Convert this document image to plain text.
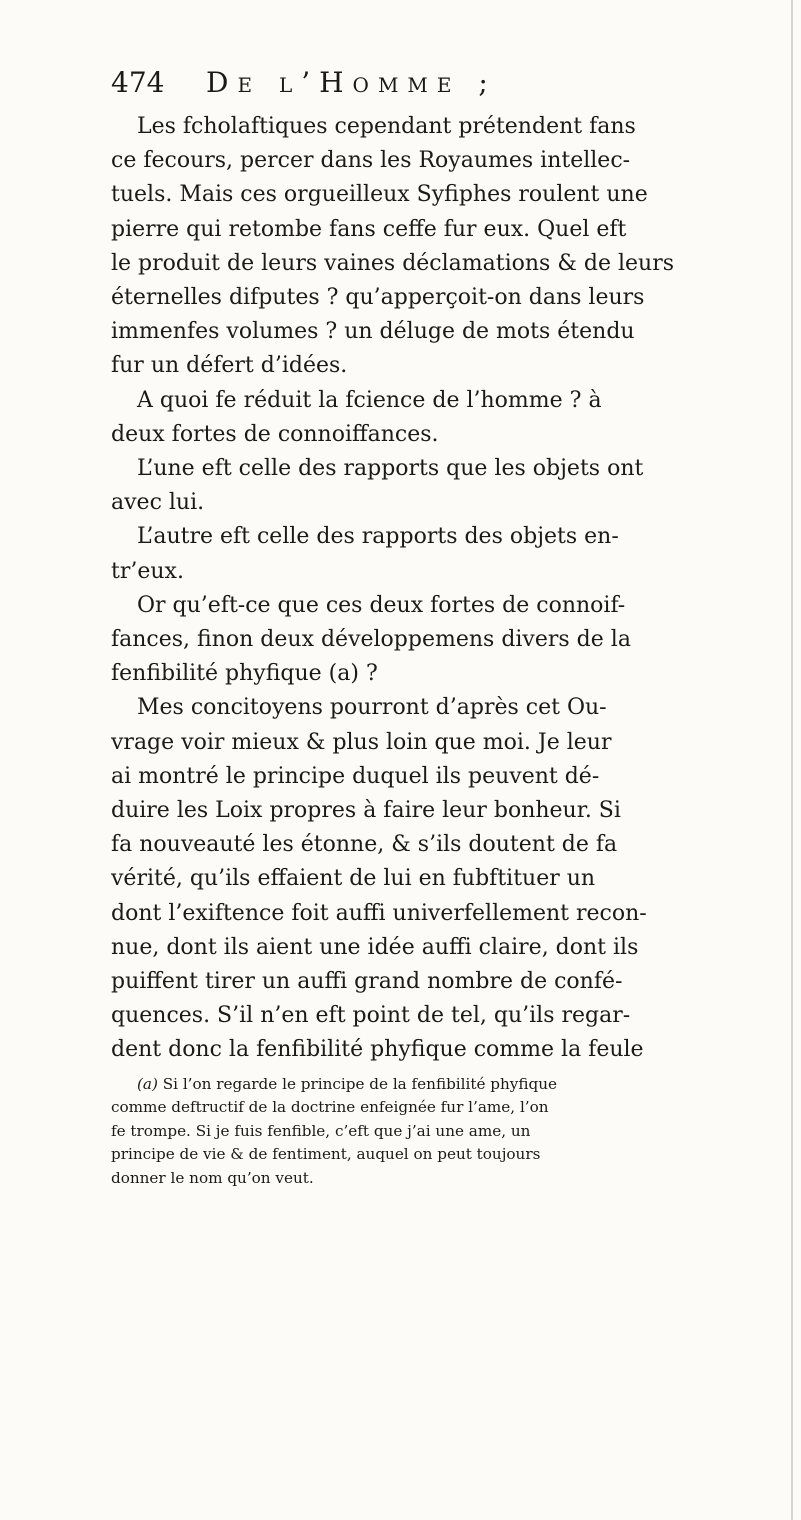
474 De l’Homme ;
Les fcholaftiques cependant prétendent fans
ce fecours, percer dans les Royaumes intellec-
tuels. Mais ces orgueilleux Syfiphes roulent une
pierre qui retombe fans ceffe fur eux. Quel eft
le produit de leurs vaines déclamations & de leurs
éternelles difputes ? qu’apperçoit-on dans leurs
immenfes volumes ? un déluge de mots étendu
fur un défert d’idées.
A quoi fe réduit la fcience de l’homme ? à
deux fortes de connoiffances.
L’une eft celle des rapports que les objets ont
avec lui.
L’autre eft celle des rapports des objets en-
tr’eux.
Or qu’eft-ce que ces deux fortes de connoif-
fances, finon deux développemens divers de la
fenfibilité phyfique (a) ?
Mes concitoyens pourront d’après cet Ou-
vrage voir mieux & plus loin que moi. Je leur
ai montré le principe duquel ils peuvent dé-
duire les Loix propres à faire leur bonheur. Si
fa nouveauté les étonne, & s’ils doutent de fa
vérité, qu’ils effaient de lui en fubftituer un
dont l’exiftence foit auffi univerfellement recon-
nue, dont ils aient une idée auffi claire, dont ils
puiffent tirer un auffi grand nombre de confé-
quences. S’il n’en eft point de tel, qu’ils regar-
dent donc la fenfibilité phyfique comme la feule
(a) Si l’on regarde le principe de la fenfibilité phyfique
comme deftructif de la doctrine enfeignée fur l’ame, l’on
fe trompe. Si je fuis fenfible, c’eft que j’ai une ame, un
principe de vie & de fentiment, auquel on peut toujours
donner le nom qu’on veut.
